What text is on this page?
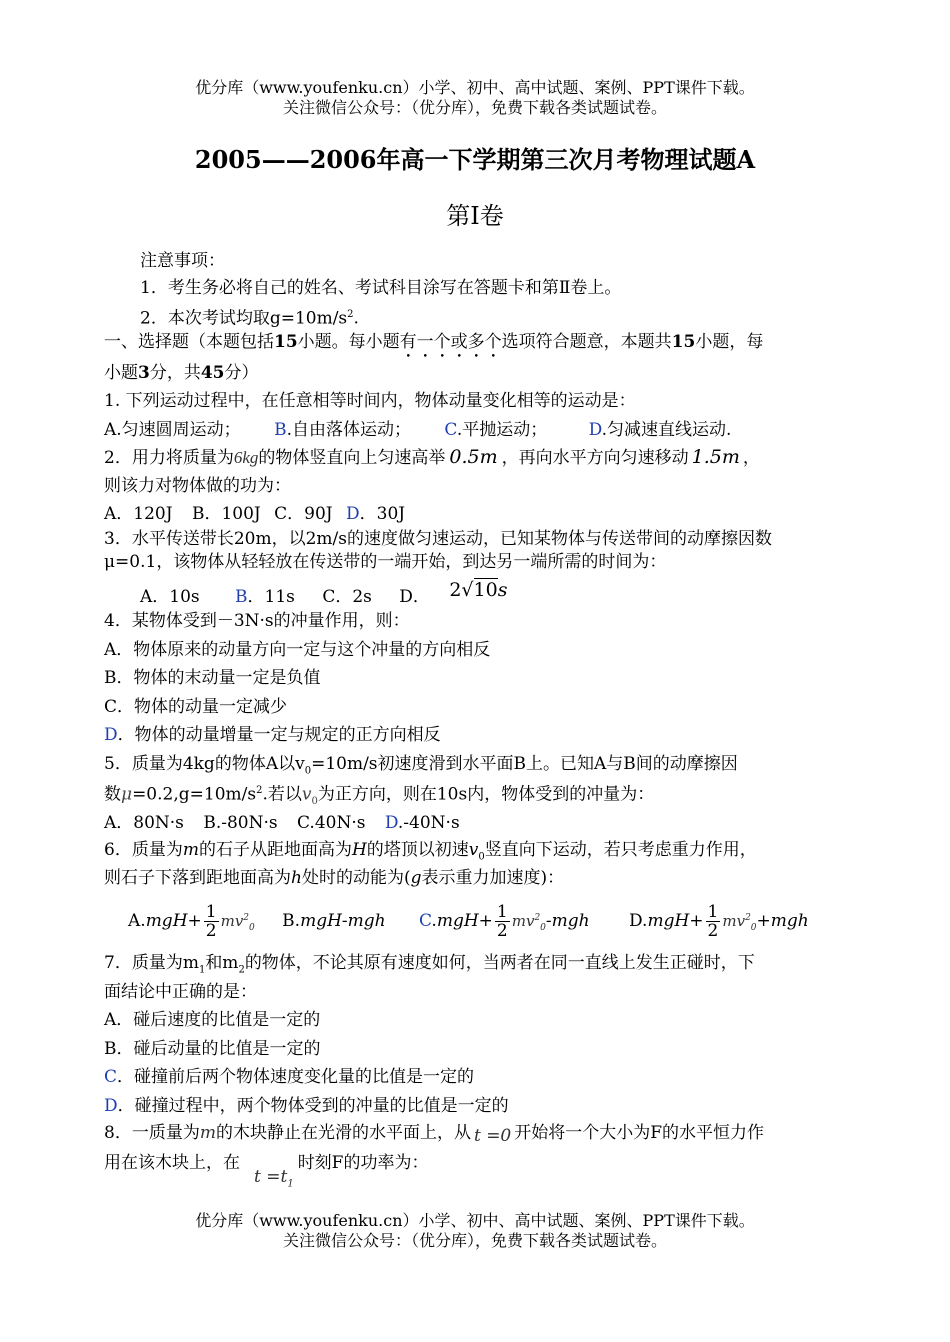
优分库（www.youfenku.cn）小学、初中、高中试题、案例、PPT课件下载。
关注微信公众号：（优分库），免费下载各类试题试卷。
2005——2006年高一下学期第三次月考物理试题A
第Ⅰ卷
注意事项：
1．考生务必将自己的姓名、考试科目涂写在答题卡和第Ⅱ卷上。
2．本次考试均取$g=10m/s^2$.
一、选择题（本题包括15小题。每小题有一个或多个选项符合题意，本题共15小题，每
小题3分，共45分）
1. 下列运动过程中，在任意相等时间内，物体动量变化相等的运动是：
A.匀速圆周运动； B.自由落体运动； C.平抛运动； D.匀减速直线运动.
2．用力将质量为6kg的物体竖直向上匀速高举 0.5m ，再向水平方向匀速移动 1.5m ，
则该力对物体做的功为：
A．120J B．100J C．90J D．30J
3．水平传送带长20m，以2m/s的速度做匀速运动，已知某物体与传送带间的动摩擦因数
μ=0.1，该物体从轻轻放在传送带的一端开始，到达另一端所需的时间为：
A．10s B．11s C．2s D． 2√10s
4．某物体受到－3N·s的冲量作用，则：
A．物体原来的动量方向一定与这个冲量的方向相反
B．物体的末动量一定是负值
C．物体的动量一定减少
D．物体的动量增量一定与规定的正方向相反
5．质量为4kg的物体A以$v_0=10m/s$初速度滑到水平面B上。已知A与B间的动摩擦因
数$\mu=0.2,g=10m/s^2$.若以$v_0$为正方向，则在10s内，物体受到的冲量为：
A．80N·s B.-80N·s C.40N·s D.-40N·s
6．质量为m的石子从距地面高为H的塔顶以初速$v_0$竖直向下运动，若只考虑重力作用，
则石子下落到距地面高为h处时的动能为(g表示重力加速度)：
$A.mgH+ \frac{1}{2} mv^2_0$ B.mgH-mgh $C.mgH+ \frac{1}{2} mv^2_0-mgh$ $D.mgH+ \frac{1}{2} mv^2_0+mgh$
7．质量为$m_1$和$m_2$的物体，不论其原有速度如何，当两者在同一直线上发生正碰时，下
面结论中正确的是：
A．碰后速度的比值是一定的
B．碰后动量的比值是一定的
C．碰撞前后两个物体速度变化量的比值是一定的
D．碰撞过程中，两个物体受到的冲量的比值是一定的
8．一质量为m的木块静止在光滑的水平面上，从 t =0 开始将一个大小为F的水平恒力作
用在该木块上，在$t =t_1$时刻F的功率为：
优分库（www.youfenku.cn）小学、初中、高中试题、案例、PPT课件下载。
关注微信公众号：（优分库），免费下载各类试题试卷。
